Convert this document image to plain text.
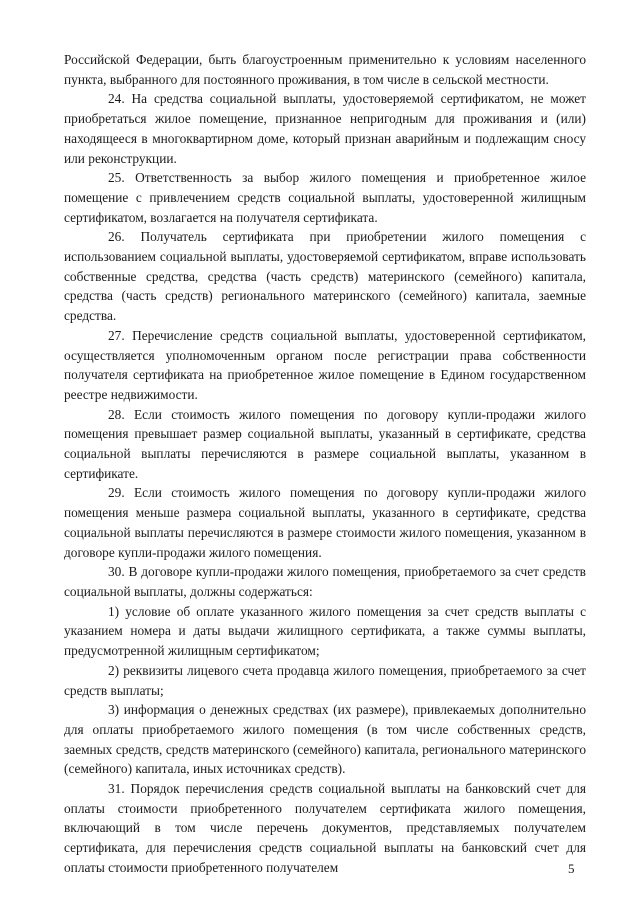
Российской Федерации, быть благоустроенным применительно к условиям населенного пункта, выбранного для постоянного проживания, в том числе в сельской местности.

24. На средства социальной выплаты, удостоверяемой сертификатом, не может приобретаться жилое помещение, признанное непригодным для проживания и (или) находящееся в многоквартирном доме, который признан аварийным и подлежащим сносу или реконструкции.

25. Ответственность за выбор жилого помещения и приобретенное жилое помещение с привлечением средств социальной выплаты, удостоверенной жилищным сертификатом, возлагается на получателя сертификата.

26. Получатель сертификата при приобретении жилого помещения с использованием социальной выплаты, удостоверяемой сертификатом, вправе использовать собственные средства, средства (часть средств) материнского (семейного) капитала, средства (часть средств) регионального материнского (семейного) капитала, заемные средства.

27. Перечисление средств социальной выплаты, удостоверенной сертификатом, осуществляется уполномоченным органом после регистрации права собственности получателя сертификата на приобретенное жилое помещение в Едином государственном реестре недвижимости.

28. Если стоимость жилого помещения по договору купли-продажи жилого помещения превышает размер социальной выплаты, указанный в сертификате, средства социальной выплаты перечисляются в размере социальной выплаты, указанном в сертификате.

29. Если стоимость жилого помещения по договору купли-продажи жилого помещения меньше размера социальной выплаты, указанного в сертификате, средства социальной выплаты перечисляются в размере стоимости жилого помещения, указанном в договоре купли-продажи жилого помещения.

30. В договоре купли-продажи жилого помещения, приобретаемого за счет средств социальной выплаты, должны содержаться:

1) условие об оплате указанного жилого помещения за счет средств выплаты с указанием номера и даты выдачи жилищного сертификата, а также суммы выплаты, предусмотренной жилищным сертификатом;

2) реквизиты лицевого счета продавца жилого помещения, приобретаемого за счет средств выплаты;

3) информация о денежных средствах (их размере), привлекаемых дополнительно для оплаты приобретаемого жилого помещения (в том числе собственных средств, заемных средств, средств материнского (семейного) капитала, регионального материнского (семейного) капитала, иных источниках средств).

31. Порядок перечисления средств социальной выплаты на банковский счет для оплаты стоимости приобретенного получателем сертификата жилого помещения, включающий в том числе перечень документов, представляемых получателем сертификата, для перечисления средств социальной выплаты на банковский счет для оплаты стоимости приобретенного получателем	5
